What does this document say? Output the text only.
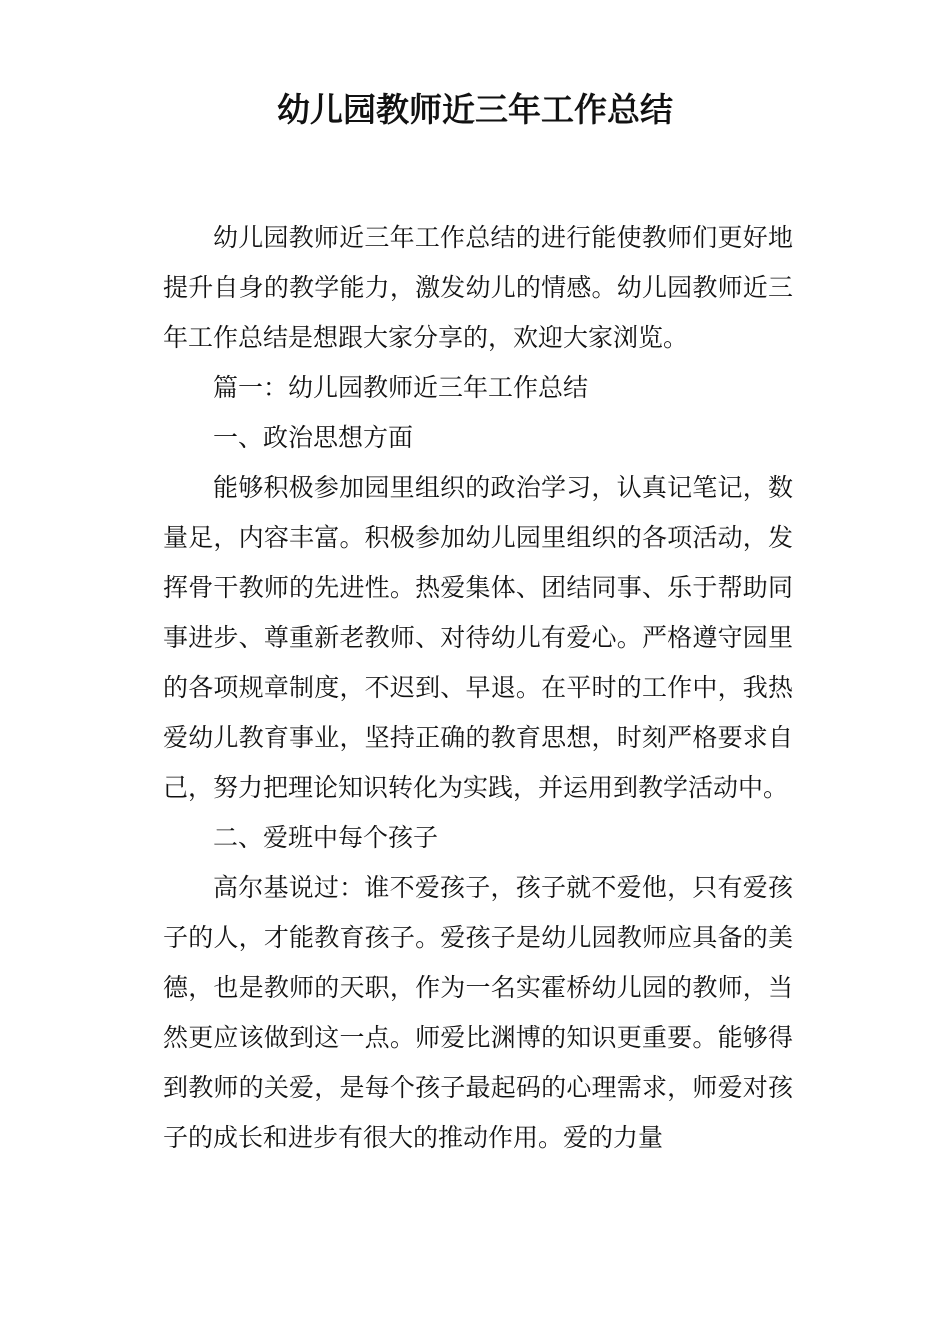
幼儿园教师近三年工作总结

幼儿园教师近三年工作总结的进行能使教师们更好地提升自身的教学能力，激发幼儿的情感。幼儿园教师近三年工作总结是想跟大家分享的，欢迎大家浏览。

篇一：幼儿园教师近三年工作总结

一、政治思想方面

能够积极参加园里组织的政治学习，认真记笔记，数量足，内容丰富。积极参加幼儿园里组织的各项活动，发挥骨干教师的先进性。热爱集体、团结同事、乐于帮助同事进步、尊重新老教师、对待幼儿有爱心。严格遵守园里的各项规章制度，不迟到、早退。在平时的工作中，我热爱幼儿教育事业，坚持正确的教育思想，时刻严格要求自己，努力把理论知识转化为实践，并运用到教学活动中。

二、爱班中每个孩子

高尔基说过：谁不爱孩子，孩子就不爱他，只有爱孩子的人，才能教育孩子。爱孩子是幼儿园教师应具备的美德，也是教师的天职，作为一名实霍桥幼儿园的教师，当然更应该做到这一点。师爱比渊博的知识更重要。能够得到教师的关爱，是每个孩子最起码的心理需求，师爱对孩子的成长和进步有很大的推动作用。爱的力量
